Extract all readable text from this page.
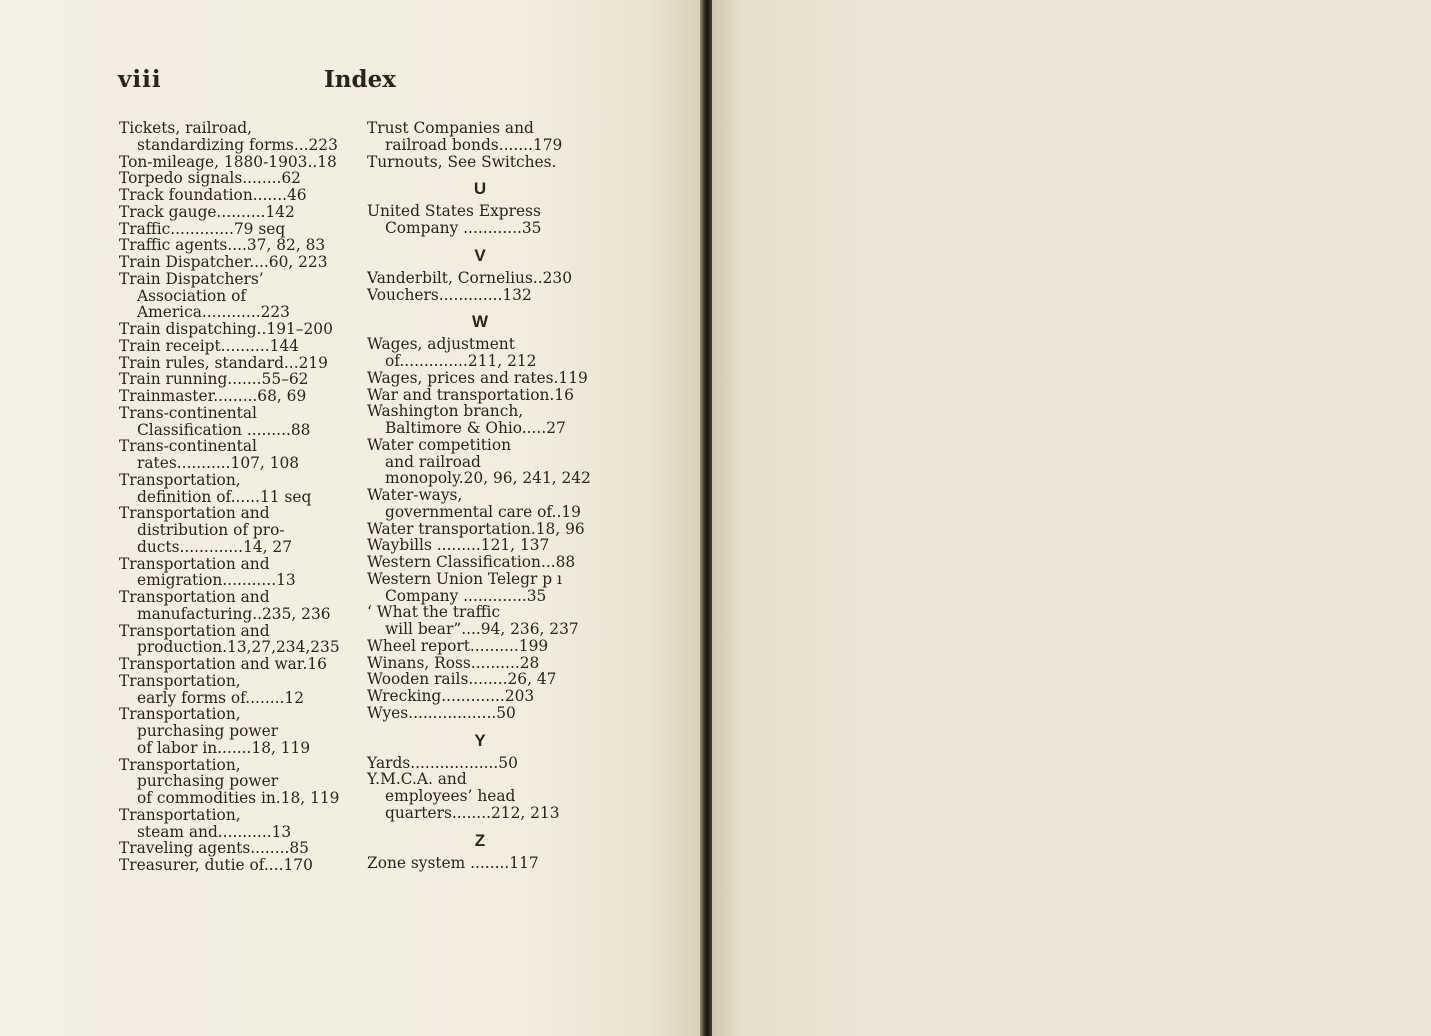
viii	Index
Tickets, railroad,
standardizing forms...223
Ton-mileage, 1880-1903..18
Torpedo signals........62
Track foundation.......46
Track gauge..........142
Traffic.............79 seq
Traffic agents....37, 82, 83
Train Dispatcher....60, 223
Train Dispatchers’
Association of
America............223
Train dispatching..191–200
Train receipt..........144
Train rules, standard...219
Train running.......55–62
Trainmaster.........68, 69
Trans-continental
Classification .........88
Trans-continental
rates...........107, 108
Transportation,
definition of......11 seq
Transportation and
distribution of pro-
ducts.............14, 27
Transportation and
emigration...........13
Transportation and
manufacturing..235, 236
Transportation and
production.13,27,234,235
Transportation and war.16
Transportation,
early forms of........12
Transportation,
purchasing power
of labor in.......18, 119
Transportation,
purchasing power
of commodities in.18, 119
Transportation,
steam and...........13
Traveling agents........85
Treasurer, dutie of....170
Trust Companies and
railroad bonds.......179
Turnouts, See Switches.
U
United States Express
Company ............35
V
Vanderbilt, Cornelius..230
Vouchers.............132
W
Wages, adjustment
of..............211, 212
Wages, prices and rates.119
War and transportation.16
Washington branch,
Baltimore & Ohio.....27
Water competition
and railroad
monopoly.20, 96, 241, 242
Water-ways,
governmental care of..19
Water transportation.18, 96
Waybills .........121, 137
Western Classification...88
Western Union Telegr p ı
Company .............35
‘ What the traffic
will bear”....94, 236, 237
Wheel report..........199
Winans, Ross..........28
Wooden rails........26, 47
Wrecking.............203
Wyes..................50
Y
Yards..................50
Y.M.C.A. and
employees’ head
quarters........212, 213
Z
Zone system ........117
